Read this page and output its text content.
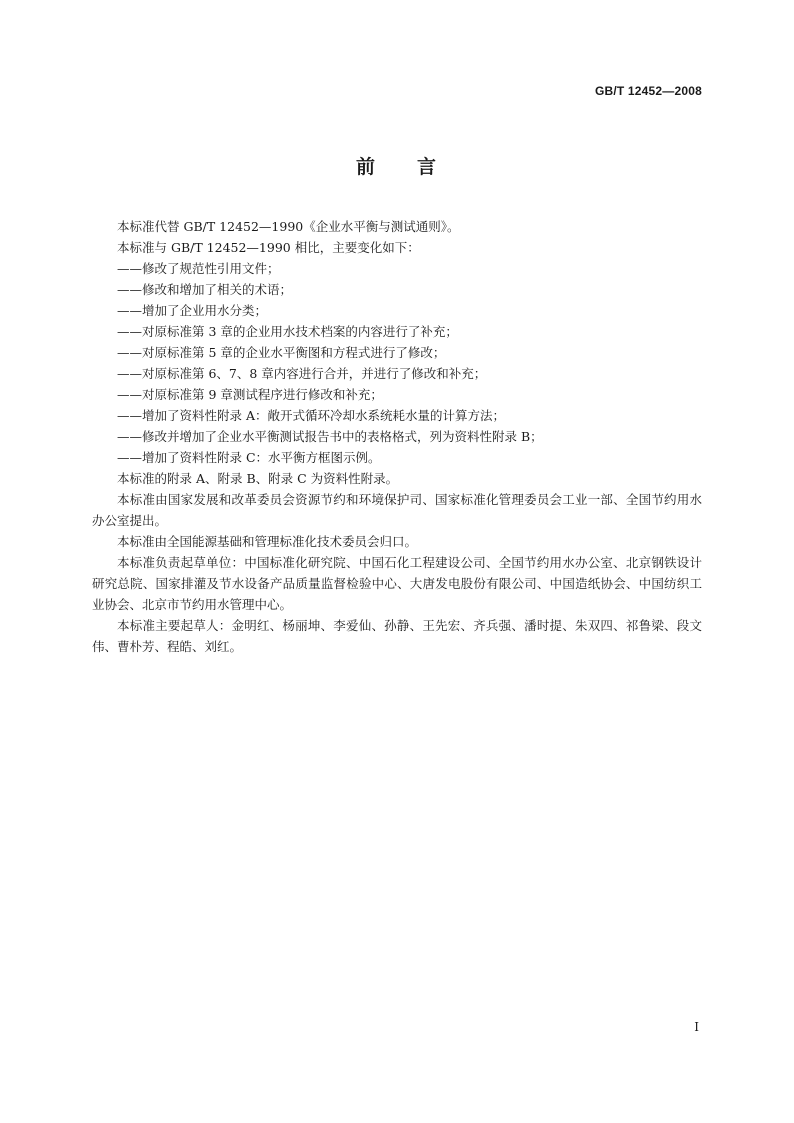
GB/T 12452—2008
前 言

本标准代替 GB/T 12452—1990《企业水平衡与测试通则》。

本标准与 GB/T 12452—1990 相比，主要变化如下：

——修改了规范性引用文件；

——修改和增加了相关的术语；

——增加了企业用水分类；

——对原标准第 3 章的企业用水技术档案的内容进行了补充；

——对原标准第 5 章的企业水平衡图和方程式进行了修改；

——对原标准第 6、7、8 章内容进行合并，并进行了修改和补充；

——对原标准第 9 章测试程序进行修改和补充；

——增加了资料性附录 A：敞开式循环冷却水系统耗水量的计算方法；

——修改并增加了企业水平衡测试报告书中的表格格式，列为资料性附录 B；

——增加了资料性附录 C：水平衡方框图示例。

本标准的附录 A、附录 B、附录 C 为资料性附录。

本标准由国家发展和改革委员会资源节约和环境保护司、国家标准化管理委员会工业一部、全国节约用水办公室提出。

本标准由全国能源基础和管理标准化技术委员会归口。

本标准负责起草单位：中国标准化研究院、中国石化工程建设公司、全国节约用水办公室、北京钢铁设计研究总院、国家排灌及节水设备产品质量监督检验中心、大唐发电股份有限公司、中国造纸协会、中国纺织工业协会、北京市节约用水管理中心。

本标准主要起草人：金明红、杨丽坤、李爱仙、孙静、王先宏、齐兵强、潘时提、朱双四、祁鲁梁、段文伟、曹朴芳、程皓、刘红。

I
